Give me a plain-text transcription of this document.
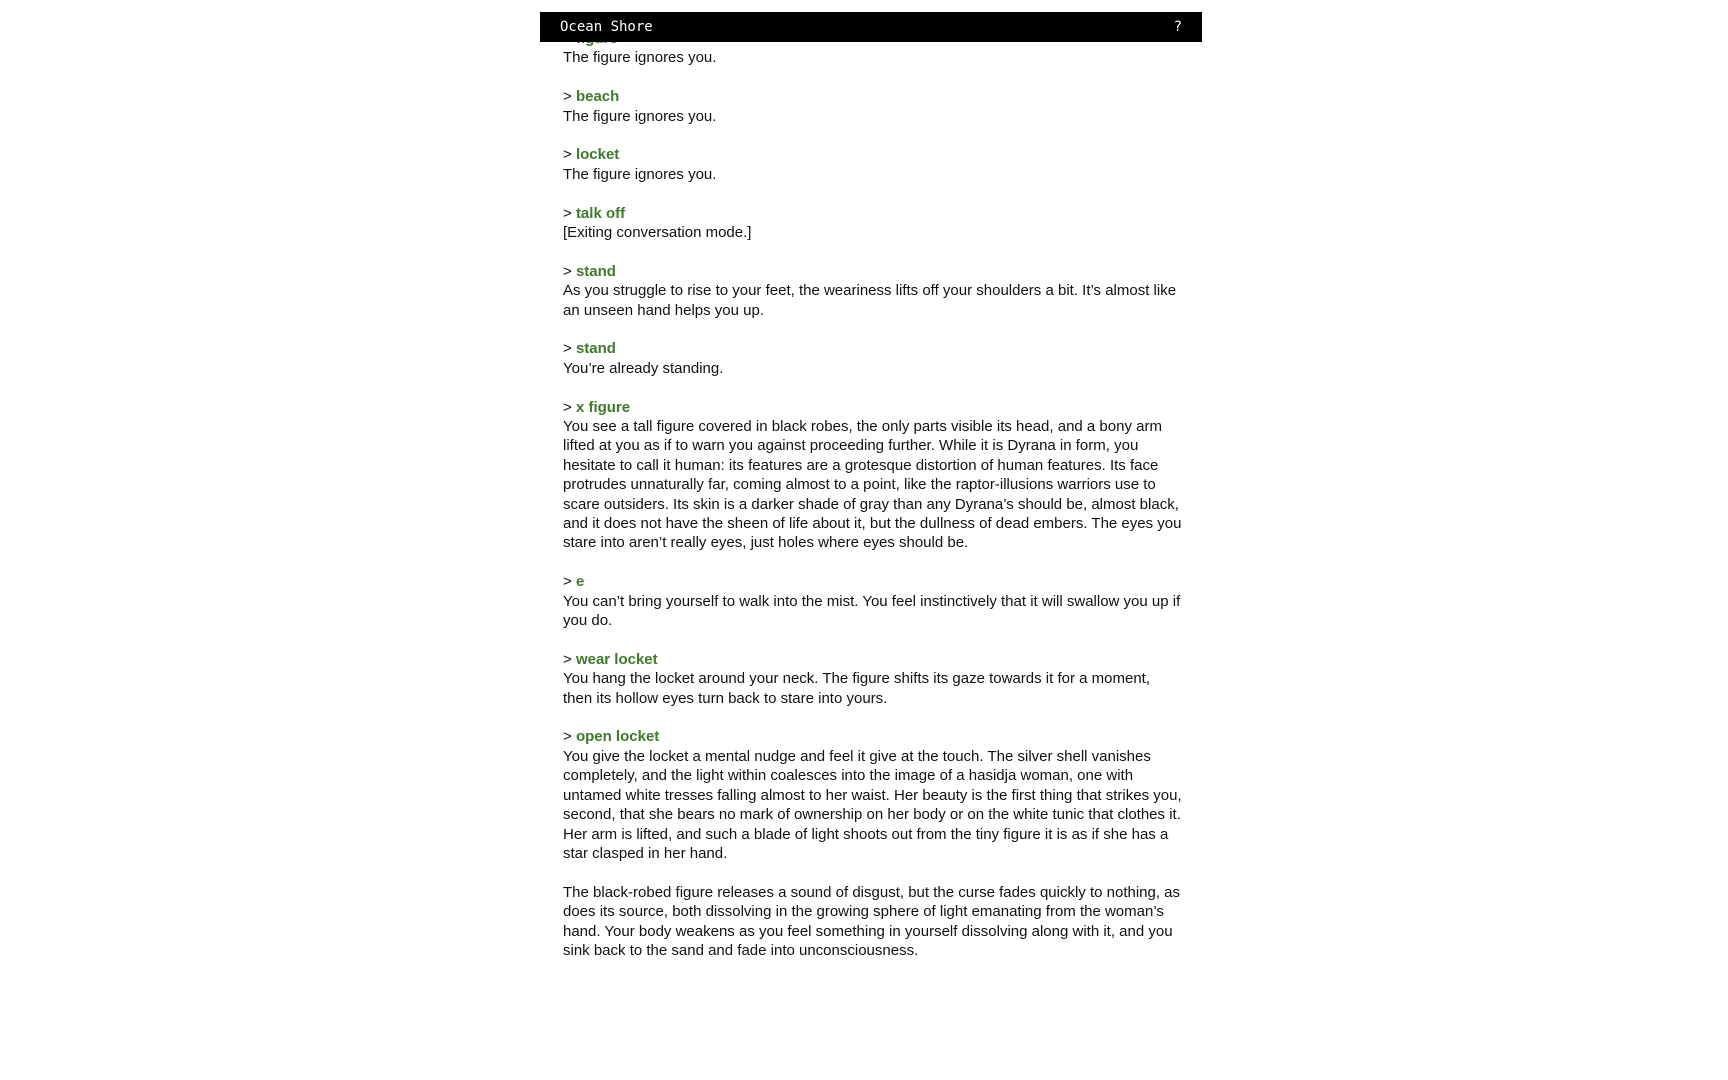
Ocean Shore	?

The figure ignores you.

> beach

The figure ignores you.

> locket

The figure ignores you.

> talk off

[Exiting conversation mode.]

> stand

As you struggle to rise to your feet, the weariness lifts off your shoulders a bit. It’s almost like an unseen hand helps you up.

> stand

You’re already standing.

> x figure

You see a tall figure covered in black robes, the only parts visible its head, and a bony arm lifted at you as if to warn you against proceeding further. While it is Dyrana in form, you hesitate to call it human: its features are a grotesque distortion of human features. Its face protrudes unnaturally far, coming almost to a point, like the raptor-illusions warriors use to scare outsiders. Its skin is a darker shade of gray than any Dyrana’s should be, almost black, and it does not have the sheen of life about it, but the dullness of dead embers. The eyes you stare into aren’t really eyes, just holes where eyes should be.

> e

You can’t bring yourself to walk into the mist. You feel instinctively that it will swallow you up if you do.

> wear locket

You hang the locket around your neck. The figure shifts its gaze towards it for a moment, then its hollow eyes turn back to stare into yours.

> open locket

You give the locket a mental nudge and feel it give at the touch. The silver shell vanishes completely, and the light within coalesces into the image of a hasidja woman, one with untamed white tresses falling almost to her waist. Her beauty is the first thing that strikes you, second, that she bears no mark of ownership on her body or on the white tunic that clothes it. Her arm is lifted, and such a blade of light shoots out from the tiny figure it is as if she has a star clasped in her hand.

The black-robed figure releases a sound of disgust, but the curse fades quickly to nothing, as does its source, both dissolving in the growing sphere of light emanating from the woman’s hand. Your body weakens as you feel something in yourself dissolving along with it, and you sink back to the sand and fade into unconsciousness.
